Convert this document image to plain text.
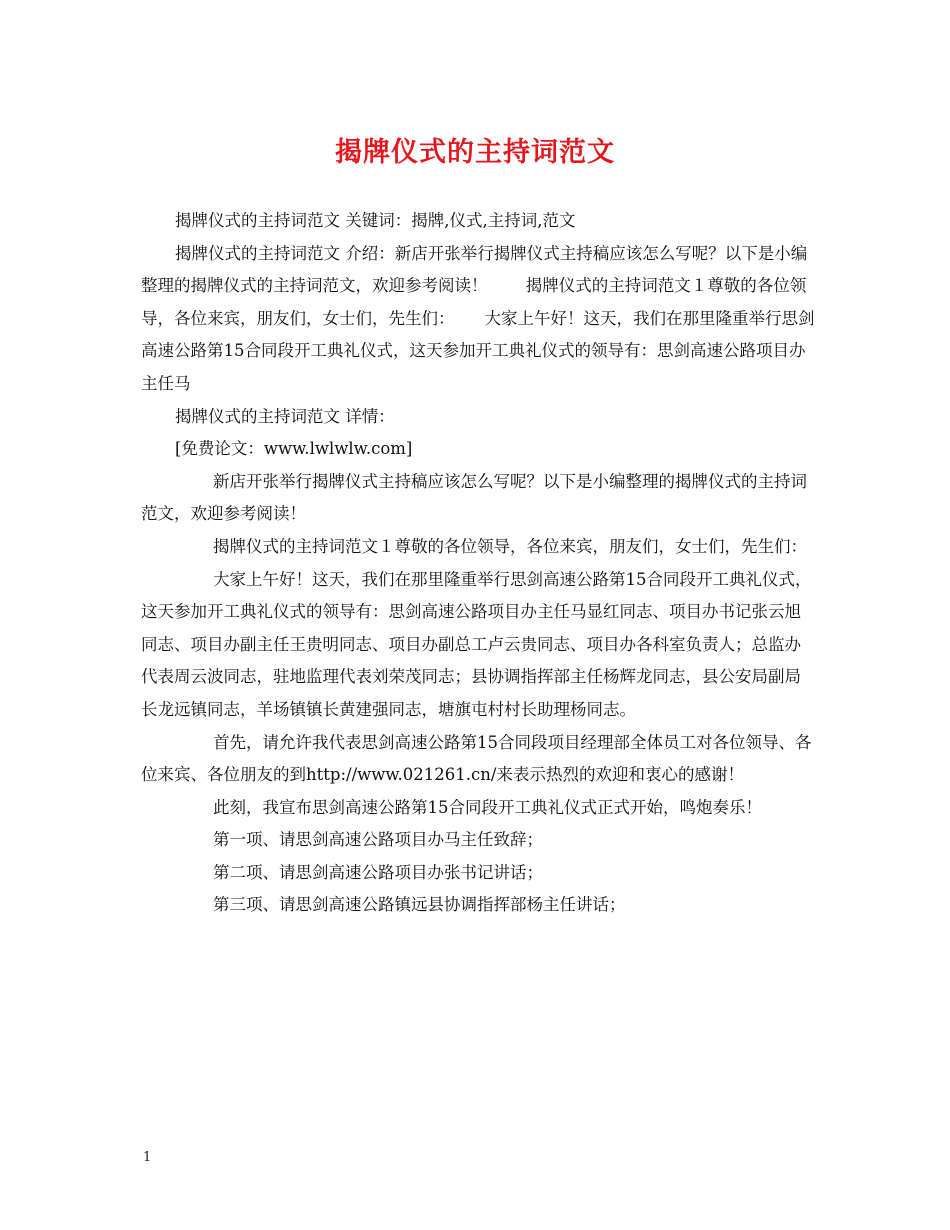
揭牌仪式的主持词范文

揭牌仪式的主持词范文 关键词：揭牌,仪式,主持词,范文

揭牌仪式的主持词范文 介绍：新店开张举行揭牌仪式主持稿应该怎么写呢？以下是小编整理的揭牌仪式的主持词范文，欢迎参考阅读！　　 揭牌仪式的主持词范文１尊敬的各位领导，各位来宾，朋友们，女士们，先生们：　　 大家上午好！这天，我们在那里隆重举行思剑高速公路第15合同段开工典礼仪式，这天参加开工典礼仪式的领导有：思剑高速公路项目办主任马

揭牌仪式的主持词范文 详情：

[免费论文：www.lwlwlw.com]

新店开张举行揭牌仪式主持稿应该怎么写呢？以下是小编整理的揭牌仪式的主持词范文，欢迎参考阅读！

揭牌仪式的主持词范文１尊敬的各位领导，各位来宾，朋友们，女士们，先生们：

大家上午好！这天，我们在那里隆重举行思剑高速公路第15合同段开工典礼仪式，这天参加开工典礼仪式的领导有：思剑高速公路项目办主任马显红同志、项目办书记张云旭同志、项目办副主任王贵明同志、项目办副总工卢云贵同志、项目办各科室负责人；总监办代表周云波同志，驻地监理代表刘荣茂同志；县协调指挥部主任杨辉龙同志，县公安局副局长龙远镇同志，羊场镇镇长黄建强同志，塘旗屯村村长助理杨同志。

首先，请允许我代表思剑高速公路第15合同段项目经理部全体员工对各位领导、各位来宾、各位朋友的到http://www.021261.cn/来表示热烈的欢迎和衷心的感谢！

此刻，我宣布思剑高速公路第15合同段开工典礼仪式正式开始，鸣炮奏乐！

第一项、请思剑高速公路项目办马主任致辞；

第二项、请思剑高速公路项目办张书记讲话；

第三项、请思剑高速公路镇远县协调指挥部杨主任讲话；

1
